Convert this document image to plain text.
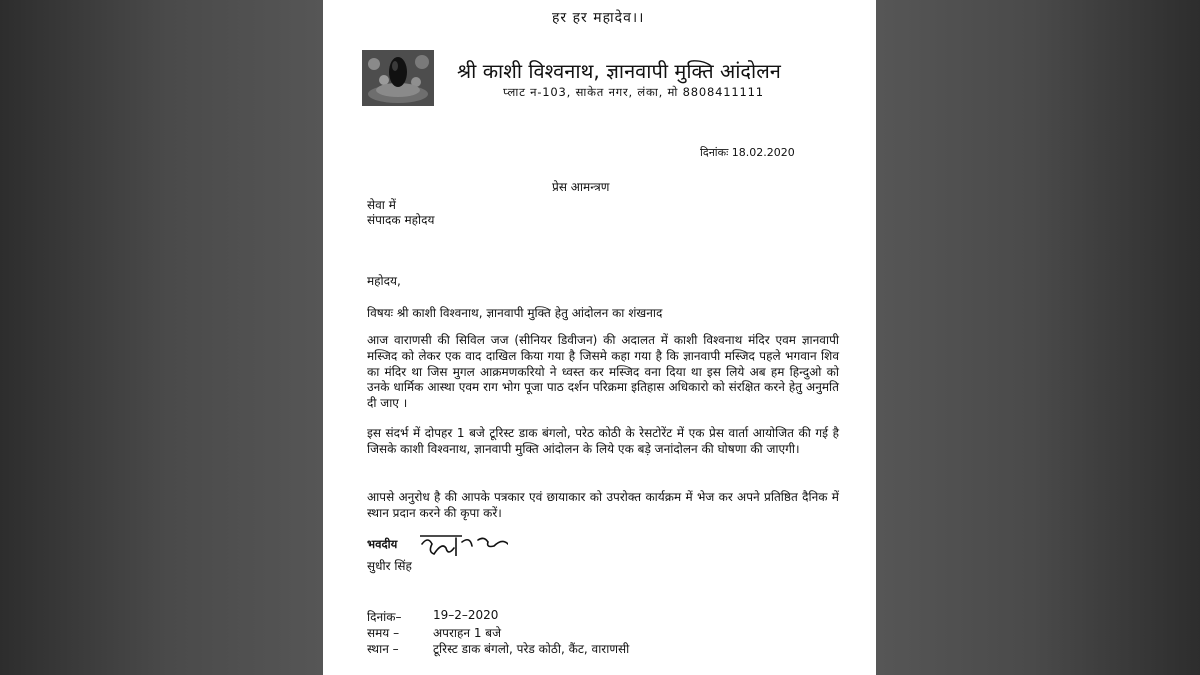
हर हर महादेव।।
श्री काशी विश्वनाथ, ज्ञानवापी मुक्ति आंदोलन
प्लाट न-103, साकेत नगर, लंका, मो 8808411111
दिनांकः 18.02.2020
प्रेस आमन्त्रण
सेवा में
संपादक महोदय
महोदय,
विषयः श्री काशी विश्वनाथ, ज्ञानवापी मुक्ति हेतु आंदोलन का शंखनाद
आज वाराणसी की सिविल जज (सीनियर डिवीजन) की अदालत में काशी विश्वनाथ मंदिर एवम ज्ञानवापी मस्जिद को लेकर एक वाद दाखिल किया गया है जिसमे कहा गया है कि ज्ञानवापी मस्जिद पहले भगवान शिव का मंदिर था जिस मुगल आक्रमणकरियो ने ध्वस्त कर मस्जिद वना दिया था इस लिये अब हम हिन्दुओ को उनके धार्मिक आस्था एवम राग भोग पूजा पाठ दर्शन परिक्रमा इतिहास अधिकारो को संरक्षित करने हेतु अनुमति दी जाए ।
इस संदर्भ में दोपहर 1 बजे टूरिस्ट डाक बंगलो, परेठ कोठी के रेसटोरेंट में एक प्रेस वार्ता आयोजित की गई है जिसके काशी विश्वनाथ, ज्ञानवापी मुक्ति आंदोलन के लिये एक बड़े जनांदोलन की घोषणा की जाएगी।
आपसे अनुरोध है की आपके पत्रकार एवं छायाकार को उपरोक्त कार्यक्रम में भेज कर अपने प्रतिष्ठित दैनिक में स्थान प्रदान करने की कृपा करें।
भवदीय
सुधीर सिंह
दिनांक–	19–2–2020
समय –	अपराहन 1 बजे
स्थान –	टूरिस्ट डाक बंगलो, परेड कोठी, कैंट, वाराणसी
